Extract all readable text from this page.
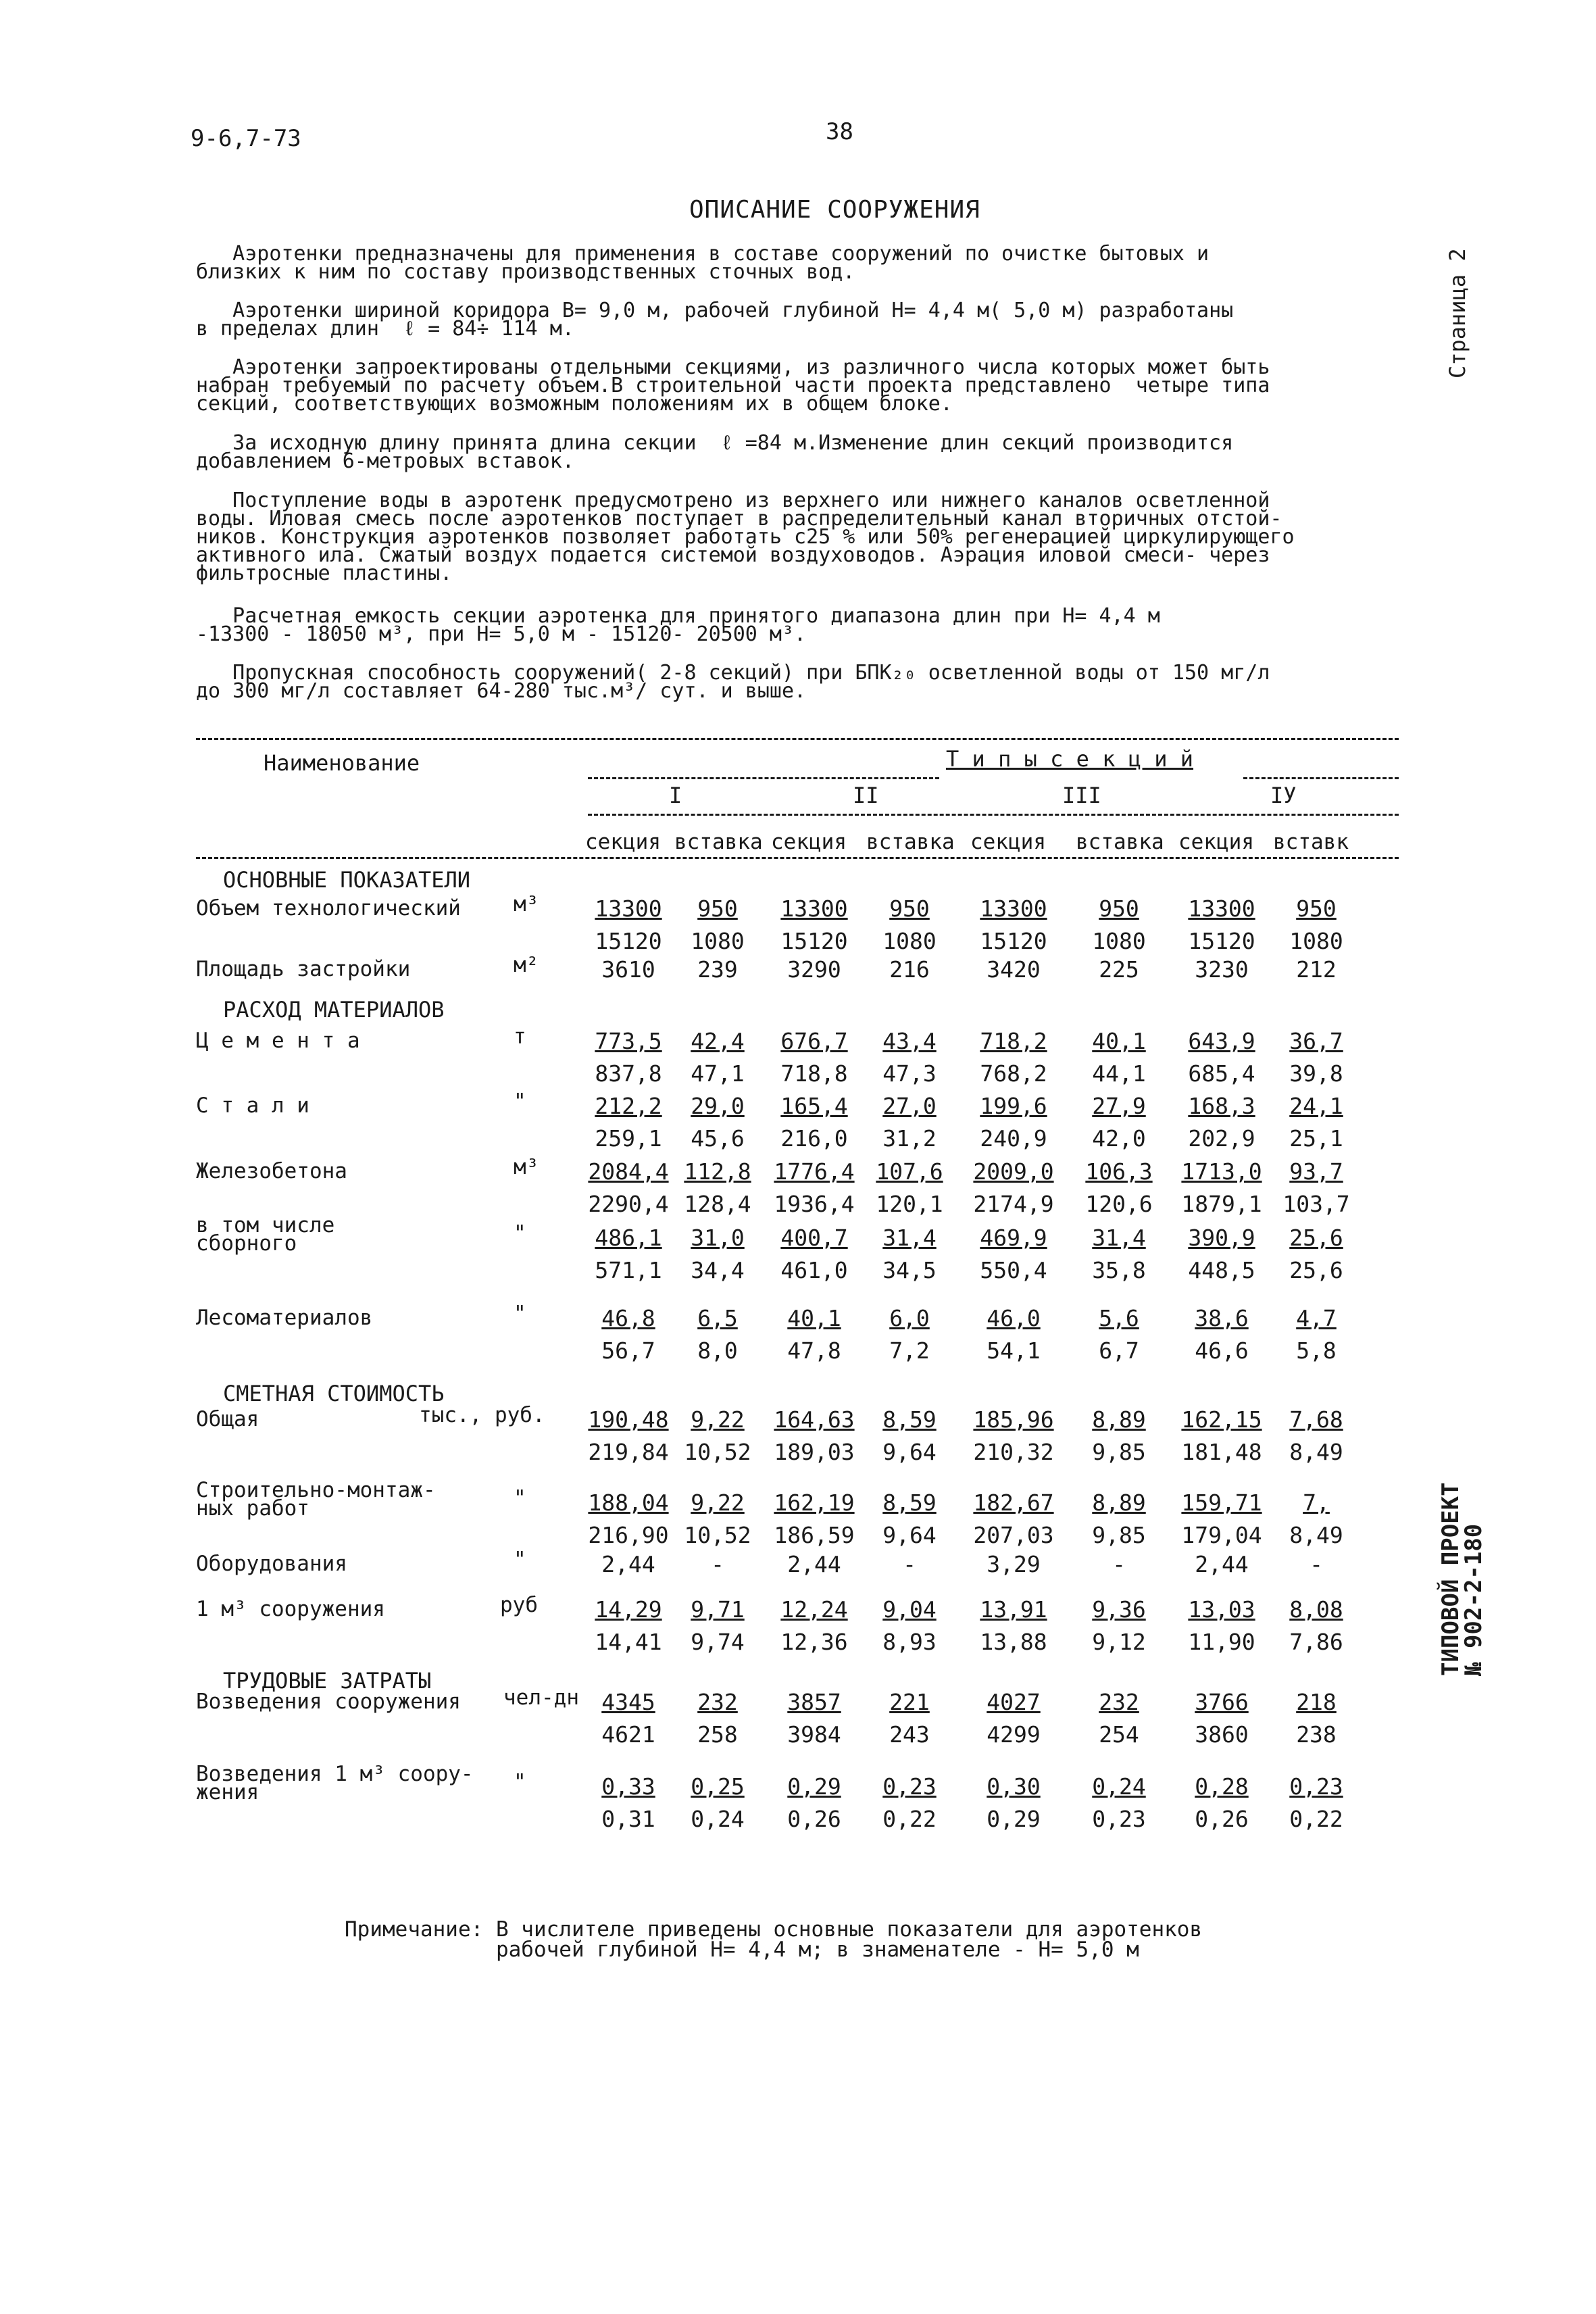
9-6,7-73	38
ОПИСАНИЕ СООРУЖЕНИЯ
Аэротенки предназначены для применения в составе сооружений по очистке бытовых и
близких к ним по составу производственных сточных вод.
Аэротенки шириной коридора В= 9,0 м, рабочей глубиной Н= 4,4 м( 5,0 м) разработаны
в пределах длин  ℓ = 84÷ 114 м.
Аэротенки запроектированы отдельными секциями, из различного числа которых может быть
набран требуемый по расчету объем.В строительной части проекта представлено  четыре типа
секций, соответствующих возможным положениям их в общем блоке.
За исходную длину принята длина секции  ℓ =84 м.Изменение длин секций производится
добавлением 6-метровых вставок.
Поступление воды в аэротенк предусмотрено из верхнего или нижнего каналов осветленной
воды. Иловая смесь после аэротенков поступает в распределительный канал вторичных отстой-
ников. Конструкция аэротенков позволяет работать с25 % или 50% регенерацией циркулирующего
активного ила. Сжатый воздух подается системой воздуховодов. Аэрация иловой смеси- через
фильтросные пластины.
Расчетная емкость секции аэротенка для принятого диапазона длин при Н= 4,4 м
-13300 - 18050 м³, при Н= 5,0 м - 15120- 20500 м³.
Пропускная способность сооружений( 2-8 секций) при БПК₂₀ осветленной воды от 150 мг/л
до 300 мг/л составляет 64-280 тыс.м³/ сут. и выше.
Страница 2
ТИПОВОЙ ПРОЕКТ
№ 902-2-180
Наименование	Т и п ы с е к ц и й
I	II	III	IУ
секция вставка секция вставка секция вставка секция вставк
ОСНОВНЫЕ ПОКАЗАТЕЛИ
РАСХОД МАТЕРИАЛОВ
СМЕТНАЯ СТОИМОСТЬ
ТРУДОВЫЕ ЗАТРАТЫ
Объем технологический	м³	13300	950	13300	950	13300	950	13300	950
15120	1080	15120	1080	15120	1080	15120	1080
Площадь застройки	м²	3610	239	3290	216	3420	225	3230	212
Ц е м е н т а	т	773,5	42,4	676,7	43,4	718,2	40,1	643,9	36,7
837,8	47,1	718,8	47,3	768,2	44,1	685,4	39,8
С т а л и	"	212,2	29,0	165,4	27,0	199,6	27,9	168,3	24,1
259,1	45,6	216,0	31,2	240,9	42,0	202,9	25,1
Железобетона	м³	2084,4 112,8	1776,4 107,6	2009,0	106,3	1713,0	93,7
2290,4 128,4	1936,4 120,1	2174,9	120,6	1879,1 103,7
в том числе
сборного	"	486,1	31,0	400,7	31,4	469,9	31,4	390,9	25,6
571,1	34,4	461,0	34,5	550,4	35,8	448,5	25,6
Лесоматериалов	"	46,8	6,5	40,1	6,0	46,0	5,6	38,6	4,7
56,7	8,0	47,8	7,2	54,1	6,7	46,6	5,8
Общая	тыс., руб.	190,48 9,22	164,63	8,59	185,96	8,89	162,15	7,68
219,84 10,52	189,03	9,64	210,32	9,85	181,48	8,49
Строительно-монтаж-
ных работ	"	188,04 9,22	162,19	8,59	182,67	8,89	159,71	7,
216,90 10,52	186,59	9,64	207,03	9,85	179,04	8,49
Оборудования	"	2,44	-	2,44	-	3,29	-	2,44	-
1 м³ сооружения	руб	14,29	9,71	12,24	9,04	13,91	9,36	13,03	8,08
14,41	9,74	12,36	8,93	13,88	9,12	11,90	7,86
Возведения сооружения чел-дн	4345	232	3857	221	4027	232	3766	218
4621	258	3984	243	4299	254	3860	238
Возведения 1 м³ соору-
жения	"	0,33	0,25	0,29	0,23	0,30	0,24	0,28	0,23
0,31	0,24	0,26	0,22	0,29	0,23	0,26	0,22
Примечание: В числителе приведены основные показатели для аэротенков
рабочей глубиной Н= 4,4 м; в знаменателе - Н= 5,0 м
